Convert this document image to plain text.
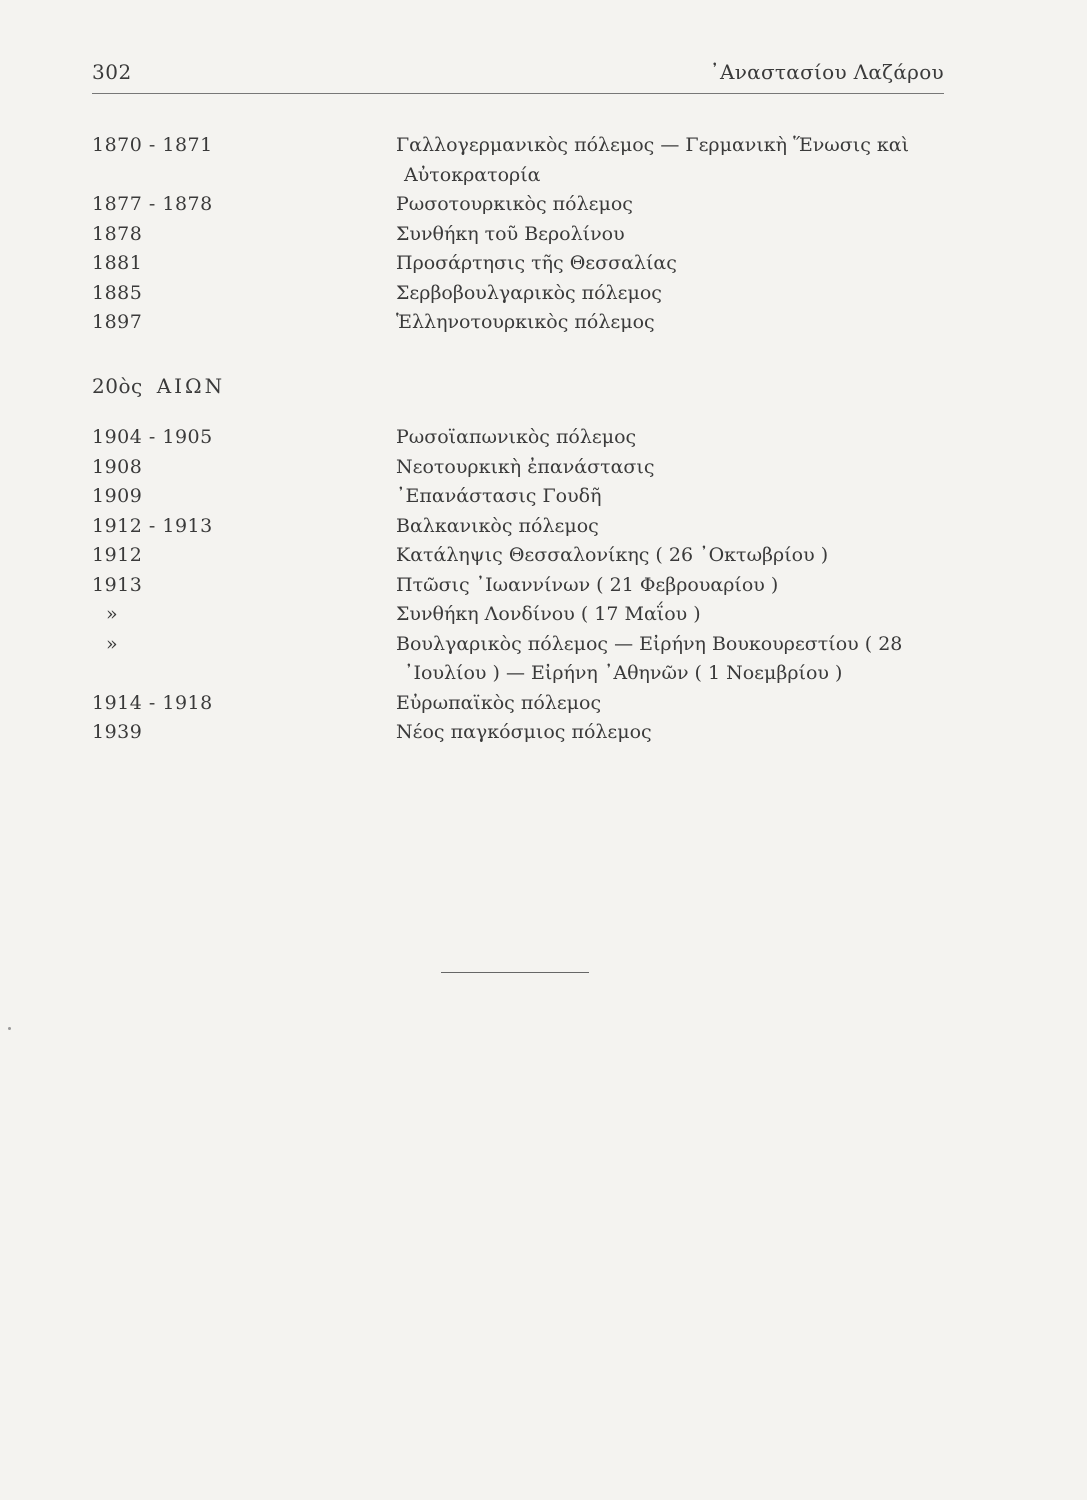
302	᾿Αναστασίου Λαζάρου
1870 - 1871	Γαλλογερμανικὸς πόλεμος — Γερμανικὴ Ἕνωσις καὶ
Αὐτοκρατορία
1877 - 1878	Ρωσοτουρκικὸς πόλεμος
1878	Συνθήκη τοῦ Βερολίνου
1881	Προσάρτησις τῆς Θεσσαλίας
1885	Σερβοβουλγαρικὸς πόλεμος
1897	Ἑλληνοτουρκικὸς πόλεμος
20ὸς ΑΙΩΝ
1904 - 1905	Ρωσοϊαπωνικὸς πόλεμος
1908	Νεοτουρκικὴ ἐπανάστασις
1909	᾿Επανάστασις Γουδῆ
1912 - 1913	Βαλκανικὸς πόλεμος
1912	Κατάληψις Θεσσαλονίκης ( 26 ᾿Οκτωβρίου )
1913	Πτῶσις ᾿Ιωαννίνων ( 21 Φεβρουαρίου )
»	Συνθήκη Λονδίνου ( 17 Μαΐου )
»	Βουλγαρικὸς πόλεμος — Εἰρήνη Βουκουρεστίου ( 28
᾿Ιουλίου ) — Εἰρήνη ᾿Αθηνῶν ( 1 Νοεμβρίου )
1914 - 1918	Εὐρωπαϊκὸς πόλεμος
1939	Νέος παγκόσμιος πόλεμος
